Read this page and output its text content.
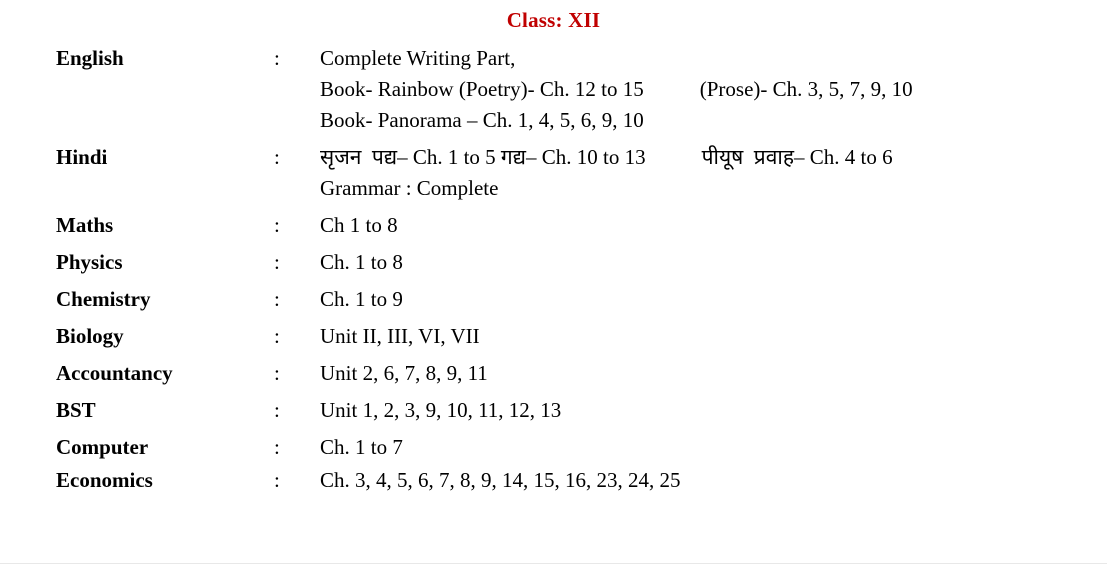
Class: XII
English	:	Complete Writing Part,
Book- Rainbow (Poetry)- Ch. 12 to 15	(Prose)- Ch. 3, 5, 7, 9, 10
Book- Panorama – Ch. 1, 4, 5, 6, 9, 10
Hindi	:	सृजन  पद्य– Ch. 1 to 5 गद्य– Ch. 10 to 13	पीयूष  प्रवाह– Ch. 4 to 6
Grammar : Complete
Maths	:	Ch 1 to 8
Physics	:	Ch. 1 to 8
Chemistry	:	Ch. 1 to 9
Biology	:	Unit II, III, VI, VII
Accountancy	:	Unit 2, 6, 7, 8, 9, 11
BST	:	Unit 1, 2, 3, 9, 10, 11, 12, 13
Computer	:	Ch. 1 to 7
Economics	:	Ch. 3, 4, 5, 6, 7, 8, 9, 14, 15, 16, 23, 24, 25
